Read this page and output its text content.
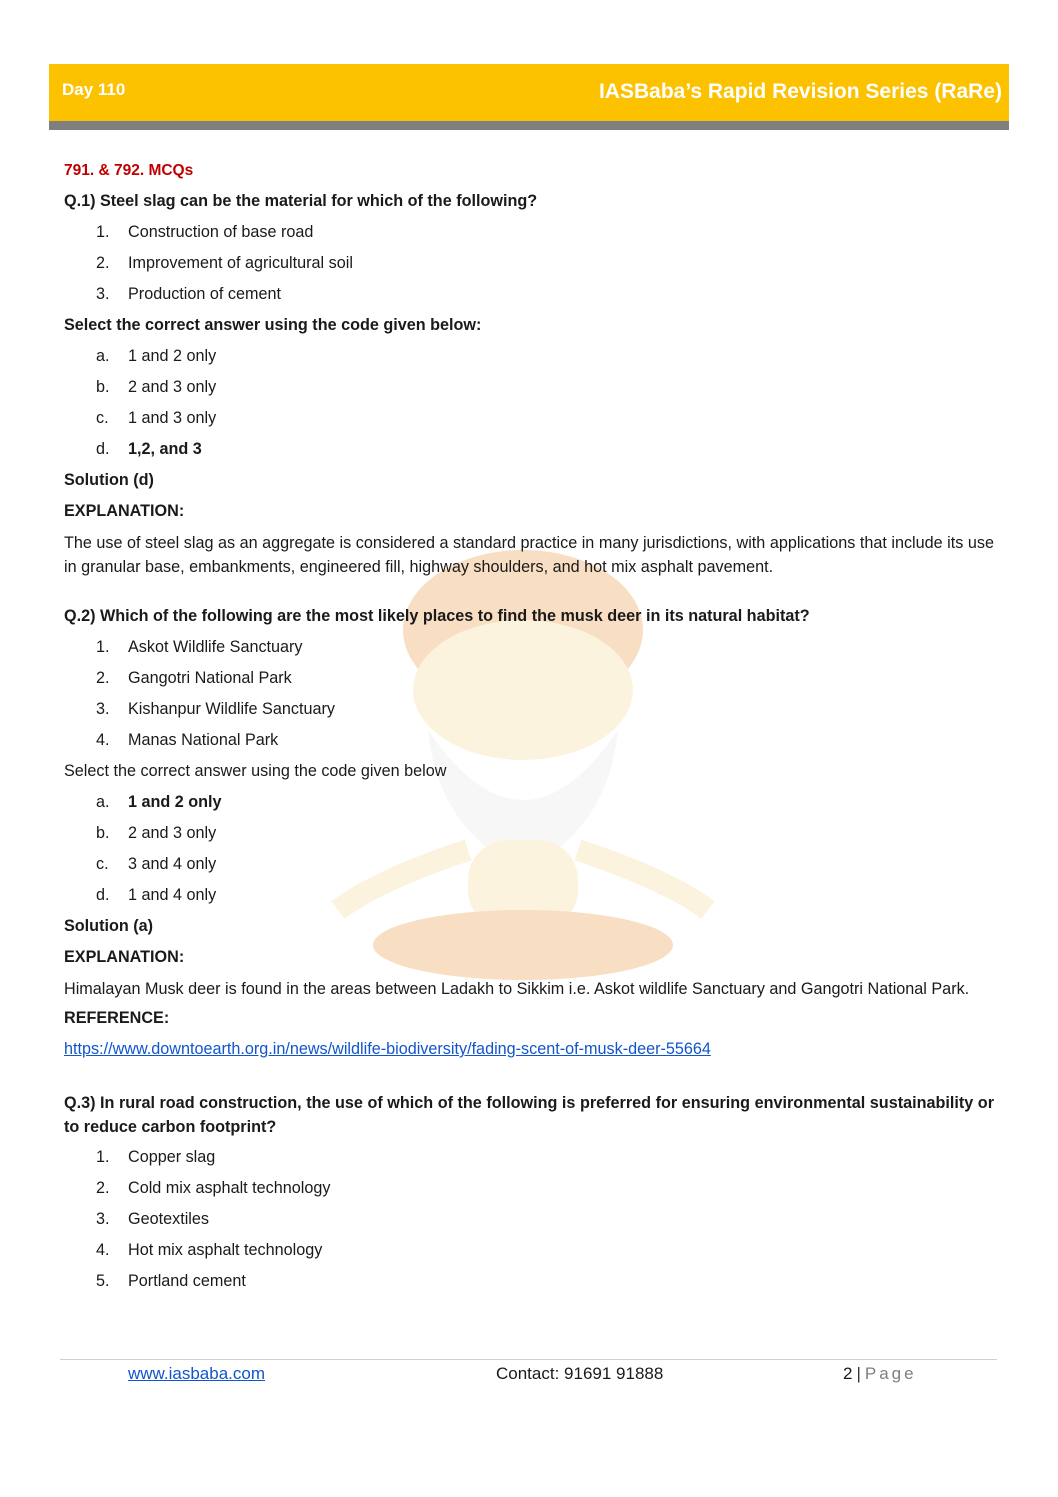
Day 110	IASBaba’s Rapid Revision Series (RaRe)
791. & 792. MCQs

Q.1) Steel slag can be the material for which of the following?

1.	Construction of base road
2.	Improvement of agricultural soil
3.	Production of cement
Select the correct answer using the code given below:
a.	1 and 2 only
b.	2 and 3 only
c.	1 and 3 only
d.	1,2, and 3
Solution (d)
EXPLANATION:

The use of steel slag as an aggregate is considered a standard practice in many jurisdictions, with applications that include its use in granular base, embankments, engineered fill, highway shoulders, and hot mix asphalt pavement.

Q.2) Which of the following are the most likely places to find the musk deer in its natural habitat?

1.	Askot Wildlife Sanctuary
2.	Gangotri National Park
3.	Kishanpur Wildlife Sanctuary
4.	Manas National Park
Select the correct answer using the code given below
a.	1 and 2 only
b.	2 and 3 only
c.	3 and 4 only
d.	1 and 4 only
Solution (a)
EXPLANATION:

Himalayan Musk deer is found in the areas between Ladakh to Sikkim i.e. Askot wildlife Sanctuary and Gangotri National Park.

REFERENCE:
https://www.downtoearth.org.in/news/wildlife-biodiversity/fading-scent-of-musk-deer-55664

Q.3) In rural road construction, the use of which of the following is preferred for ensuring environmental sustainability or to reduce carbon footprint?

1.	Copper slag
2.	Cold mix asphalt technology
3.	Geotextiles
4.	Hot mix asphalt technology
5.	Portland cement
www.iasbaba.com	Contact: 91691 91888	2 | Page
